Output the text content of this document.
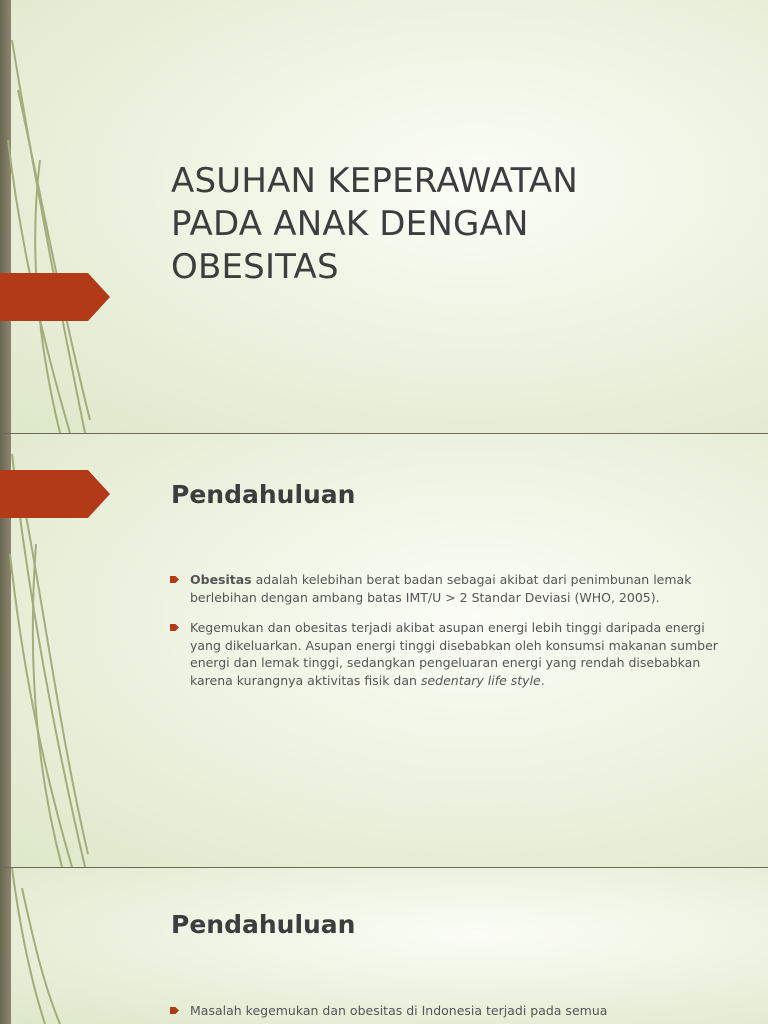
ASUHAN KEPERAWATAN
PADA ANAK DENGAN
OBESITAS
Pendahuluan
Obesitas adalah kelebihan berat badan sebagai akibat dari penimbunan lemak berlebihan dengan ambang batas IMT/U > 2 Standar Deviasi (WHO, 2005).
Kegemukan dan obesitas terjadi akibat asupan energi lebih tinggi daripada energi yang dikeluarkan. Asupan energi tinggi disebabkan oleh konsumsi makanan sumber energi dan lemak tinggi, sedangkan pengeluaran energi yang rendah disebabkan karena kurangnya aktivitas fisik dan sedentary life style.
Pendahuluan
Masalah kegemukan dan obesitas di Indonesia terjadi pada semua
